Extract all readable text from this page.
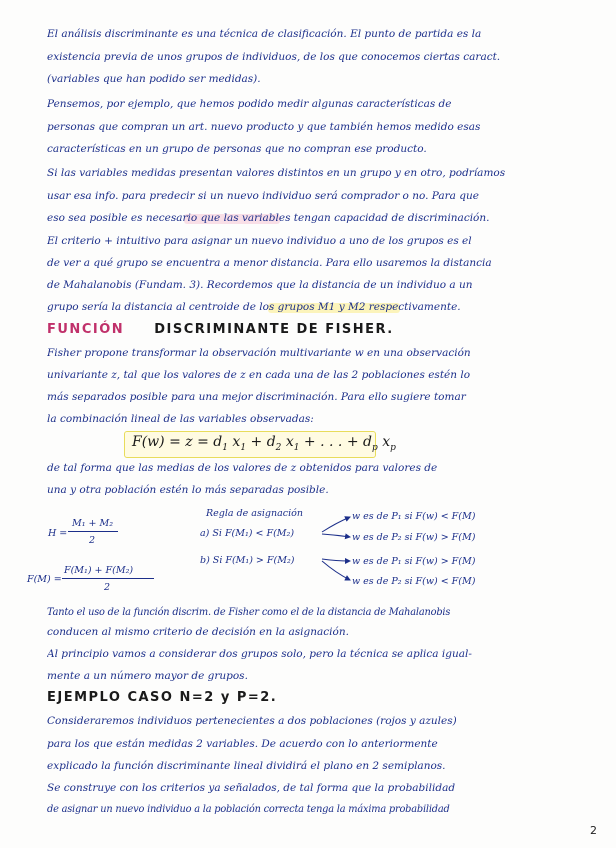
El análisis discriminante es una técnica de clasificación. El punto de partida es la
existencia previa de unos grupos de individuos, de los que conocemos ciertas caract.
(variables que han podido ser medidas).
Pensemos, por ejemplo, que hemos podido medir algunas características de
personas que compran un art. nuevo producto y que también hemos medido esas
características en un grupo de personas que no compran ese producto.
Si las variables medidas presentan valores distintos en un grupo y en otro, podríamos
usar esa info. para predecir si un nuevo individuo será comprador o no. Para que
eso sea posible es necesario que las variables tengan capacidad de discriminación.
El criterio + intuitivo para asignar un nuevo individuo a uno de los grupos es el
de ver a qué grupo se encuentra a menor distancia. Para ello usaremos la distancia
de Mahalanobis (Fundam. 3). Recordemos que la distancia de un individuo a un
grupo sería la distancia al centroide de los grupos M1 y M2 respectivamente.
FUNCIÓN DISCRIMINANTE DE FISHER.
Fisher propone transformar la observación multivariante w en una observación
univariante z, tal que los valores de z en cada una de las 2 poblaciones estén lo
más separados posible para una mejor discriminación. Para ello sugiere tomar
la combinación lineal de las variables observadas:
$F(w) = z = d_1$ $x_1 + d_2$ $x_1$ + . . . + $d_p$ $x_p$
de tal forma que las medias de los valores de z obtenidos para valores de
una y otra población estén lo más separadas posible.
H =
M₁ + M₂
2
F(M) =
F(M₁) + F(M₂)
2
Regla de asignación
a) Si F(M₁) < F(M₂)
w es de P₁ si F(w) < F(M)
w es de P₂ si F(w) > F(M)
b) Si F(M₁) > F(M₂)	w es de P₁ si F(w) > F(M)
w es de P₂ si F(w) < F(M)
Tanto el uso de la función discrim. de Fisher como el de la distancia de Mahalanobis
conducen al mismo criterio de decisión en la asignación.
Al principio vamos a considerar dos grupos solo, pero la técnica se aplica igual-
mente a un número mayor de grupos.
EJEMPLO CASO N=2 y P=2.
Consideraremos individuos pertenecientes a dos poblaciones (rojos y azules)
para los que están medidas 2 variables. De acuerdo con lo anteriormente
explicado la función discriminante lineal dividirá el plano en 2 semiplanos.
Se construye con los criterios ya señalados, de tal forma que la probabilidad
de asignar un nuevo individuo a la población correcta tenga la máxima probabilidad
2
